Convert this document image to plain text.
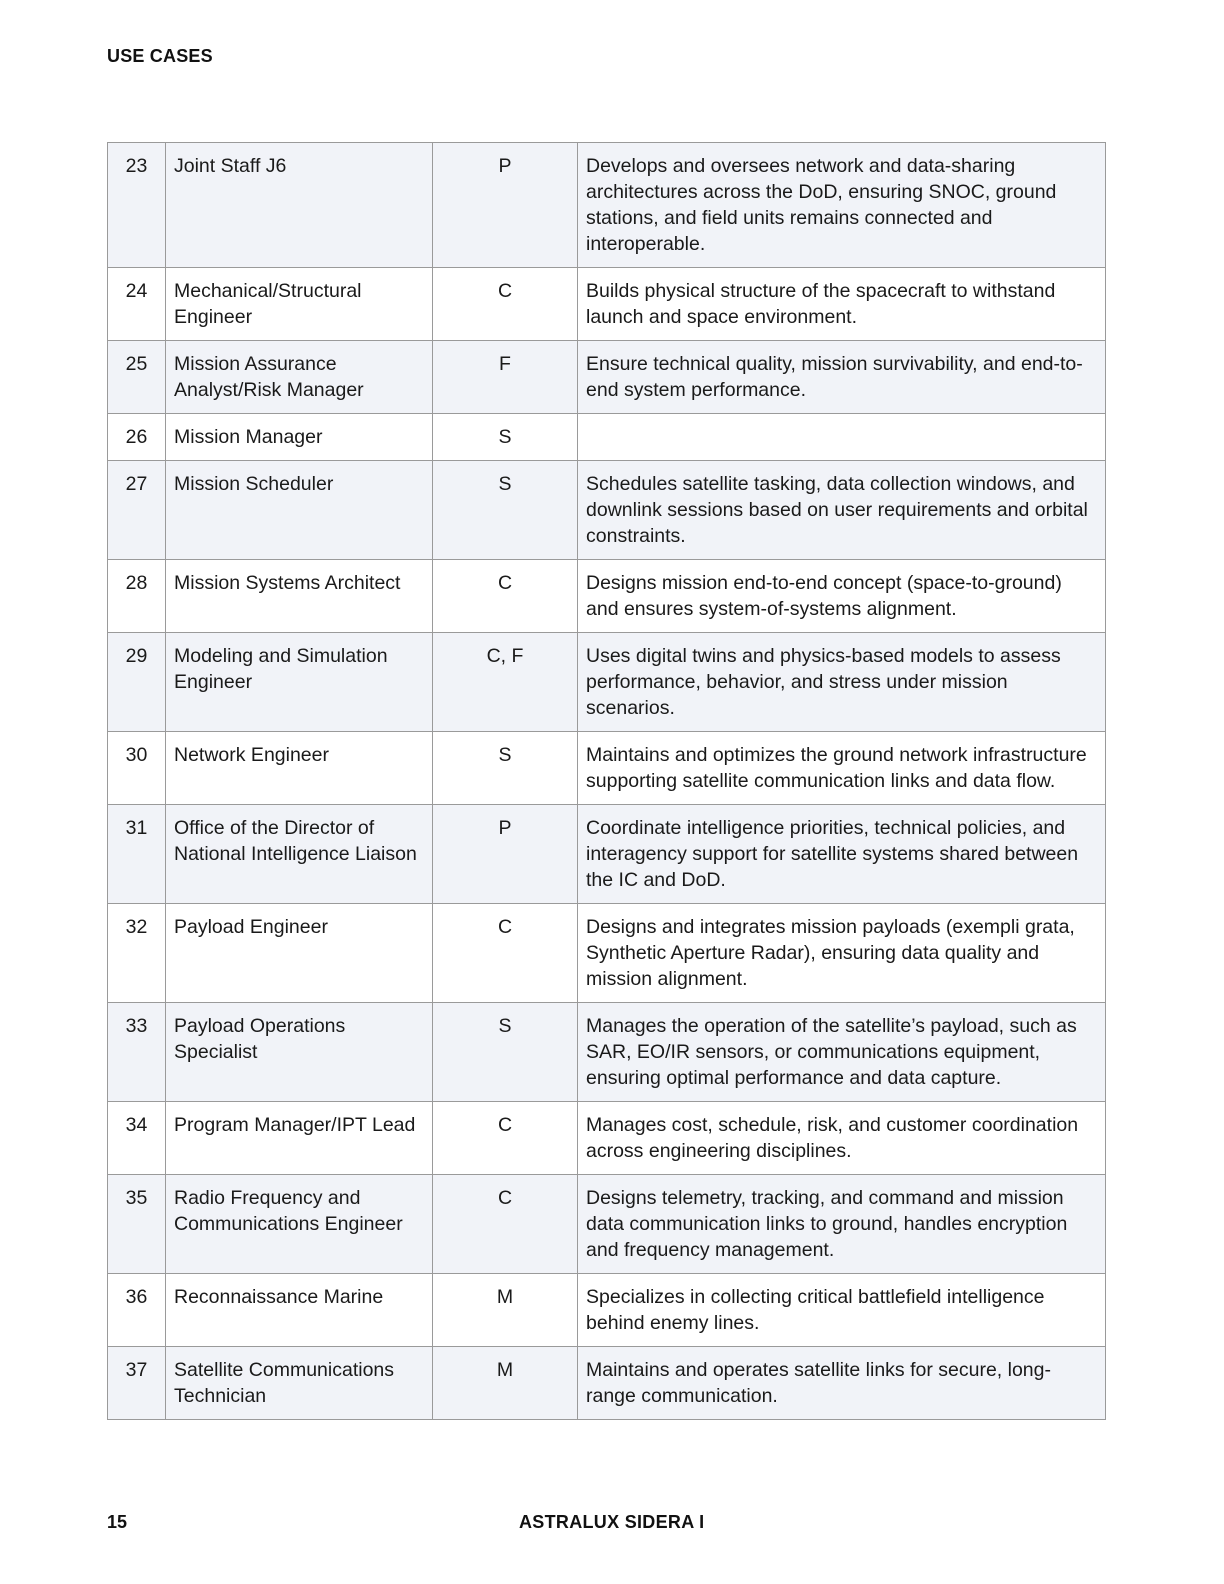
USE CASES
23	Joint Staff J6	P	Develops and oversees network and data-sharing architectures across the DoD, ensuring SNOC, ground stations, and field units remains connected and interoperable.
24	Mechanical/Structural Engineer	C	Builds physical structure of the spacecraft to withstand launch and space environment.
25	Mission Assurance Analyst/Risk Manager	F	Ensure technical quality, mission survivability, and end-to-end system performance.
26	Mission Manager	S	
27	Mission Scheduler	S	Schedules satellite tasking, data collection windows, and downlink sessions based on user requirements and orbital constraints.
28	Mission Systems Architect	C	Designs mission end-to-end concept (space-to-ground) and ensures system-of-systems alignment.
29	Modeling and Simulation Engineer	C, F	Uses digital twins and physics-based models to assess performance, behavior, and stress under mission scenarios.
30	Network Engineer	S	Maintains and optimizes the ground network infrastructure supporting satellite communication links and data flow.
31	Office of the Director of National Intelligence Liaison	P	Coordinate intelligence priorities, technical policies, and interagency support for satellite systems shared between the IC and DoD.
32	Payload Engineer	C	Designs and integrates mission payloads (exempli grata, Synthetic Aperture Radar), ensuring data quality and mission alignment.
33	Payload Operations Specialist	S	Manages the operation of the satellite’s payload, such as SAR, EO/IR sensors, or communications equipment, ensuring optimal performance and data capture.
34	Program Manager/IPT Lead	C	Manages cost, schedule, risk, and customer coordination across engineering disciplines.
35	Radio Frequency and Communications Engineer	C	Designs telemetry, tracking, and command and mission data communication links to ground, handles encryption and frequency management.
36	Reconnaissance Marine	M	Specializes in collecting critical battlefield intelligence behind enemy lines.
37	Satellite Communications Technician	M	Maintains and operates satellite links for secure, long-range communication.
15	ASTRALUX SIDERA I
